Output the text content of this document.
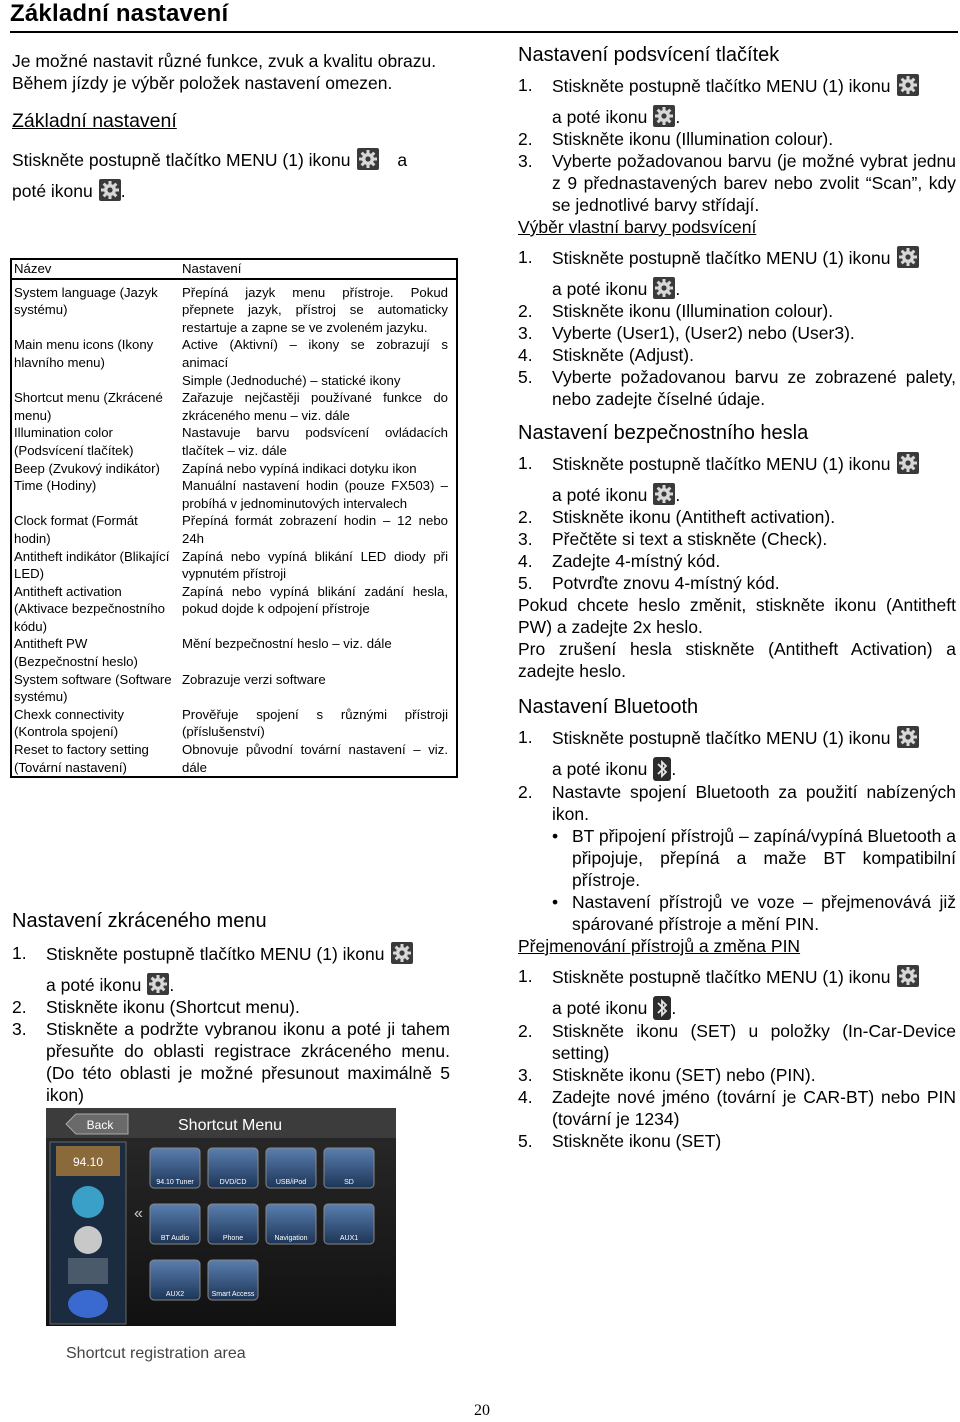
Základní nastavení

Je možné nastavit různé funkce, zvuk a kvalitu obrazu.

Během jízdy je výběr položek nastavení omezen.

Základní nastavení
Stiskněte postupně tlačítko MENU (1) ikonu	a
poté ikonu .
Název	Nastavení
System language (Jazyk systému)	Přepíná jazyk menu přístroje. Pokud přepnete jazyk, přístroj se automaticky restartuje a zapne se ve zvoleném jazyku.
Main menu icons (Ikony hlavního menu)	Active (Aktivní) – ikony se zobrazují s animací
Simple (Jednoduché) – statické ikony
Shortcut menu (Zkrácené menu)	Zařazuje nejčastěji používané funkce do zkráceného menu – viz. dále
Illumination color (Podsvícení tlačítek)	Nastavuje barvu podsvícení ovládacích tlačítek – viz. dále
Beep (Zvukový indikátor)	Zapíná nebo vypíná indikaci dotyku ikon
Time (Hodiny)	Manuální nastavení hodin (pouze FX503) – probíhá v jednominutových intervalech
Clock format (Formát hodin)	Přepíná formát zobrazení hodin – 12 nebo 24h
Antitheft indikátor (Blikající LED)	Zapíná nebo vypíná blikání LED diody při vypnutém přístroji
Antitheft activation (Aktivace bezpečnostního kódu)	Zapíná nebo vypíná blikání zadání hesla, pokud dojde k odpojení přístroje
Antitheft PW (Bezpečnostní heslo)	Mění bezpečnostní heslo – viz. dále
System software (Software systému)	Zobrazuje verzi software
Chexk connectivity (Kontrola spojení)	Prověřuje spojení s různými přístroji (příslušenství)
Reset to factory setting (Tovární nastavení)	Obnovuje původní tovární nastavení – viz. dále
Nastavení zkráceného menu
1. Stiskněte postupně tlačítko MENU (1) ikonu
a poté ikonu .
2. Stiskněte ikonu (Shortcut menu).
3. Stiskněte a podržte vybranou ikonu a poté ji tahem přesuňte do oblasti registrace zkráceného menu. (Do této oblasti je možné přesunout maximálně 5 ikon)
Back	Shortcut Menu
94.10
«
94.10 Tuner	DVD/CD	USB/iPod	SD
BT Audio	Phone	Navigation	AUX1
AUX2	Smart Access
Shortcut registration area
Nastavení podsvícení tlačítek
1. Stiskněte postupně tlačítko MENU (1) ikonu
a poté ikonu .
2. Stiskněte ikonu (Illumination colour).
3. Vyberte požadovanou barvu (je možné vybrat jednu z 9 přednastavených barev nebo zvolit “Scan”, kdy se jednotlivé barvy střídají.
Výběr vlastní barvy podsvícení
1. Stiskněte postupně tlačítko MENU (1) ikonu
a poté ikonu .
2. Stiskněte ikonu (Illumination colour).
3. Vyberte (User1), (User2) nebo (User3).
4. Stiskněte (Adjust).
5. Vyberte požadovanou barvu ze zobrazené palety, nebo zadejte číselné údaje.
Nastavení bezpečnostního hesla
1. Stiskněte postupně tlačítko MENU (1) ikonu
a poté ikonu .
2. Stiskněte ikonu (Antitheft activation).
3. Přečtěte si text a stiskněte (Check).
4. Zadejte 4-místný kód.
5. Potvrďte znovu 4-místný kód.

Pokud chcete heslo změnit, stiskněte ikonu (Antitheft PW) a zadejte 2x heslo.

Pro zrušení hesla stiskněte (Antitheft Activation) a zadejte heslo.

Nastavení Bluetooth
1. Stiskněte postupně tlačítko MENU (1) ikonu
a poté ikonu .
2. Nastavte spojení Bluetooth za použití nabízených ikon.
• BT připojení přístrojů – zapíná/vypíná Bluetooth a připojuje, přepíná a maže BT kompatibilní přístroje.
• Nastavení přístrojů ve voze – přejmenovává již spárované přístroje a mění PIN.
Přejmenování přístrojů a změna PIN
1. Stiskněte postupně tlačítko MENU (1) ikonu
a poté ikonu .
2. Stiskněte ikonu (SET) u položky (In-Car-Device setting)
3. Stiskněte ikonu (SET) nebo (PIN).
4. Zadejte nové jméno (tovární je CAR-BT) nebo PIN (tovární je 1234)
5. Stiskněte ikonu (SET)
20
